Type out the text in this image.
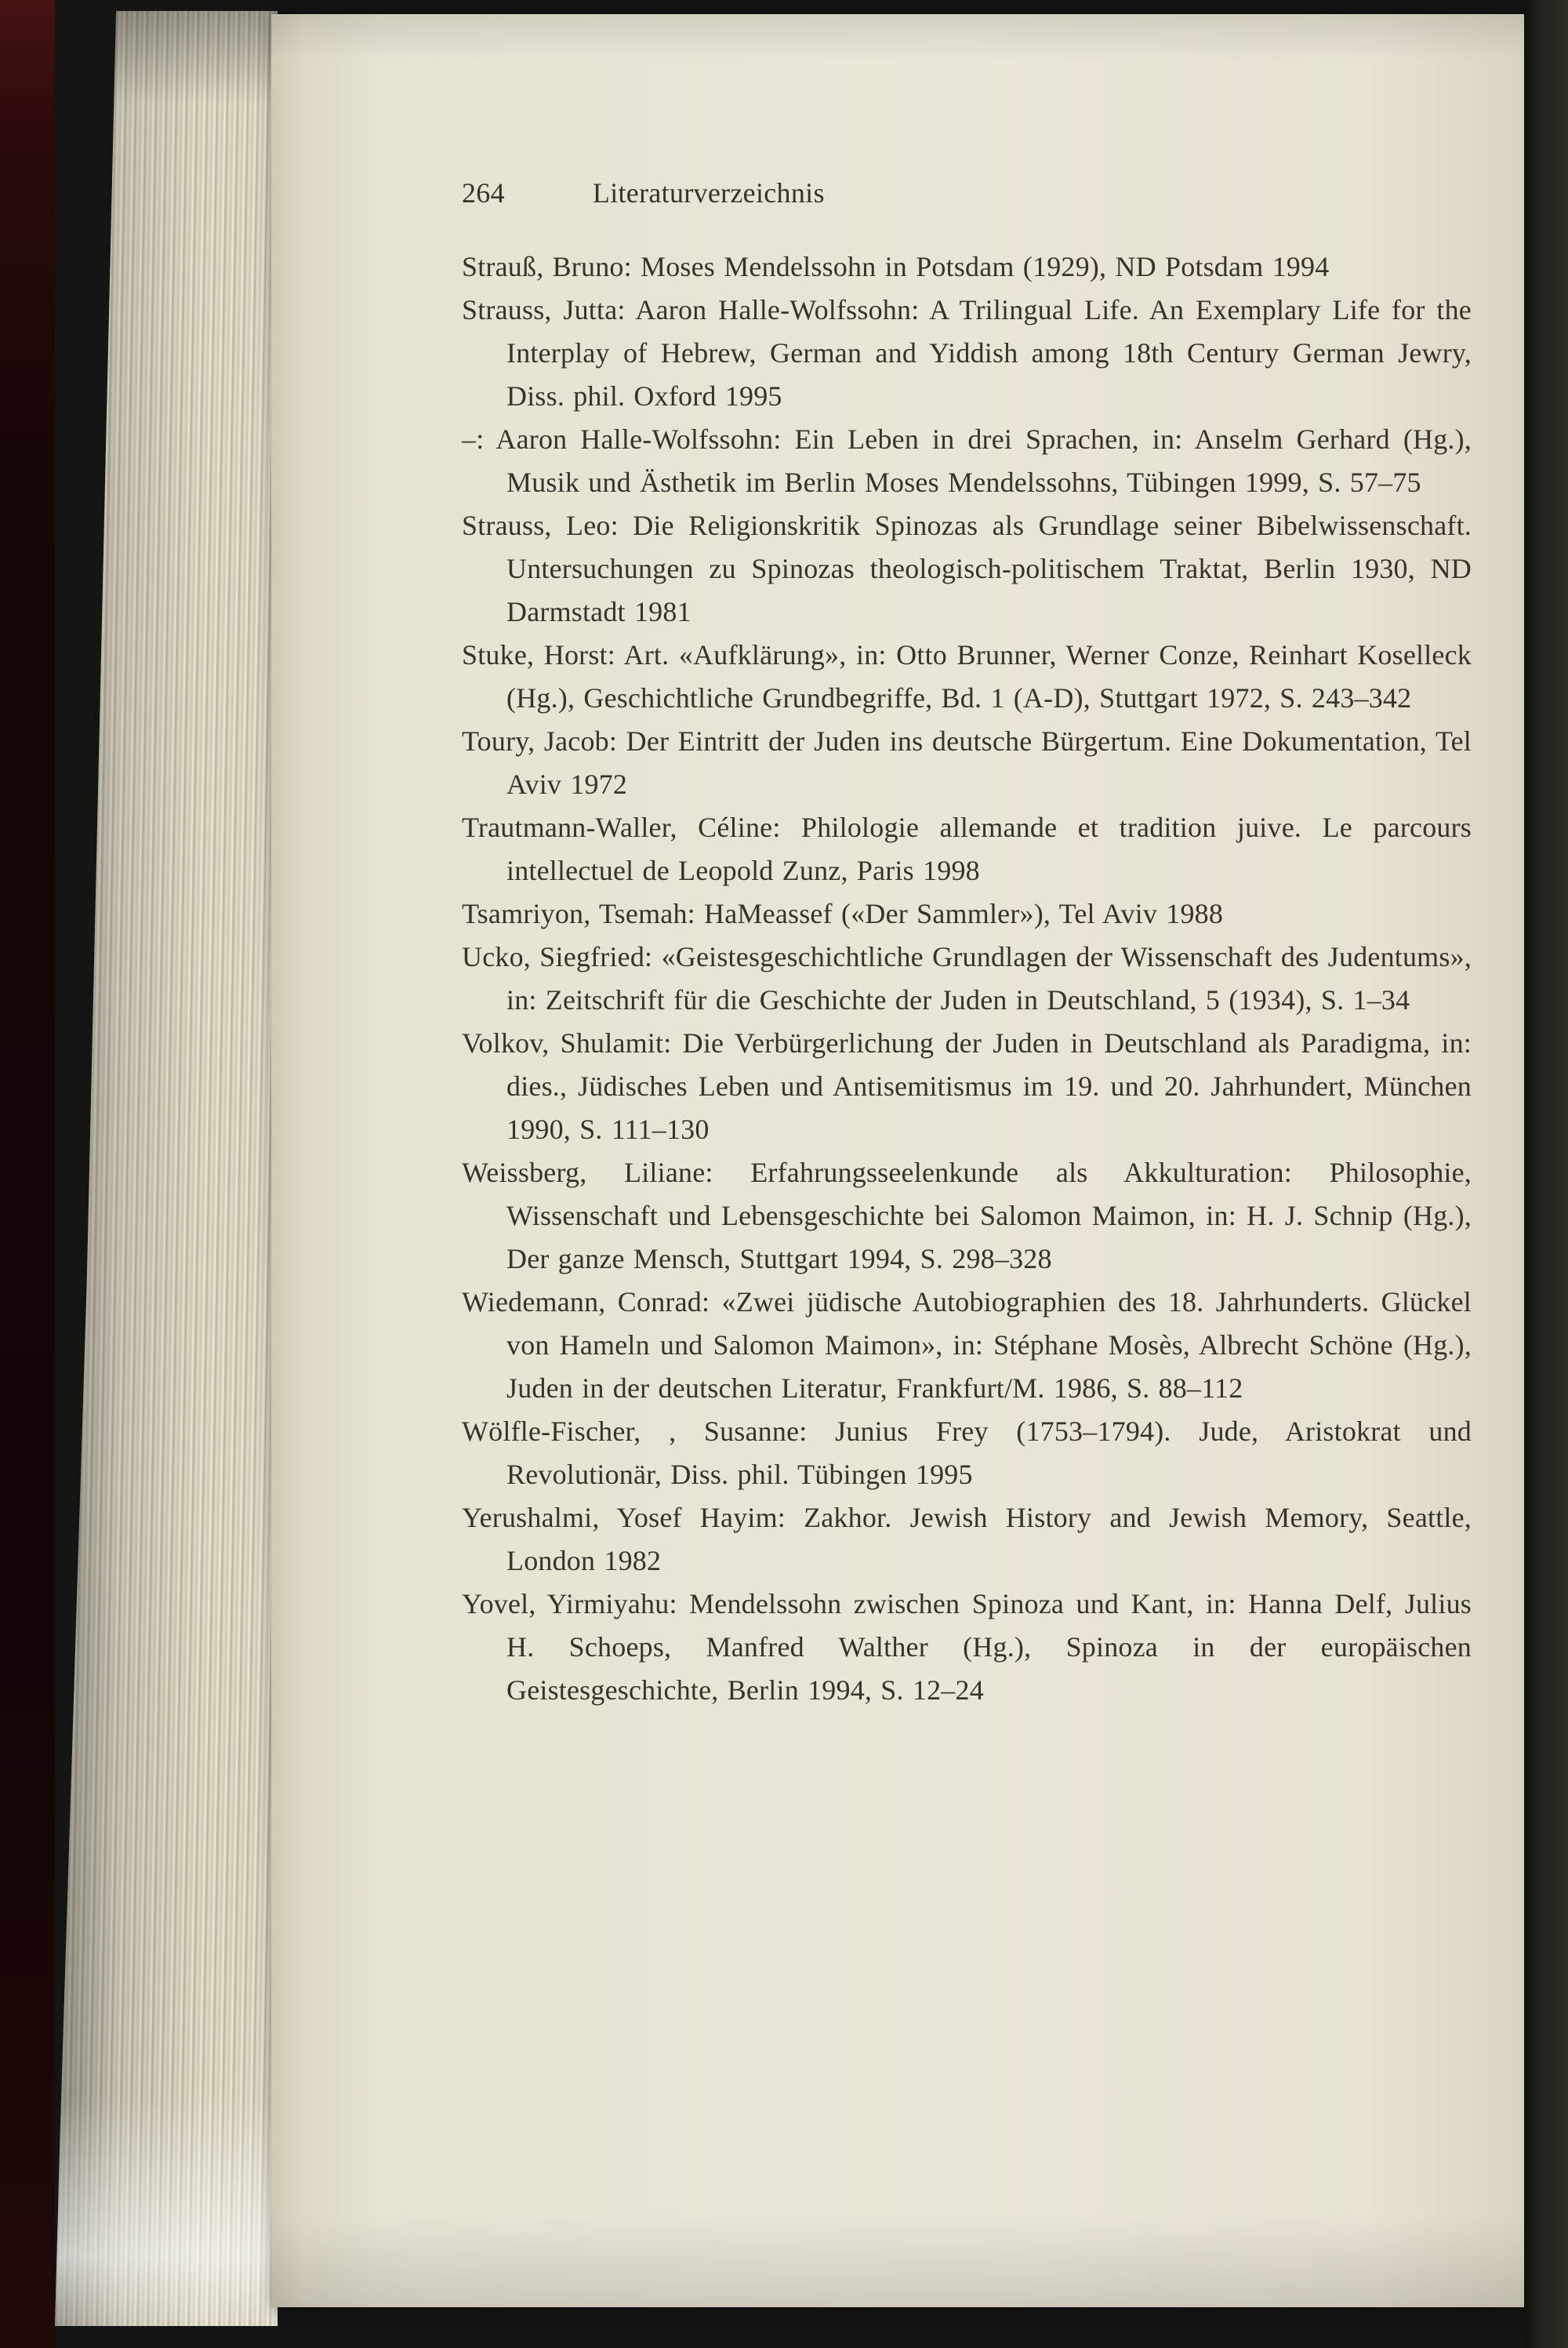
264	Literaturverzeichnis

Strauß, Bruno: Moses Mendelssohn in Potsdam (1929), ND Potsdam 1994

Strauss, Jutta: Aaron Halle-Wolfssohn: A Trilingual Life. An Exemplary Life for the Interplay of Hebrew, German and Yiddish among 18th Century German Jewry, Diss. phil. Oxford 1995

–: Aaron Halle-Wolfssohn: Ein Leben in drei Sprachen, in: Anselm Gerhard (Hg.), Musik und Ästhetik im Berlin Moses Mendelssohns, Tübingen 1999, S. 57–75

Strauss, Leo: Die Religionskritik Spinozas als Grundlage seiner Bibelwissenschaft. Untersuchungen zu Spinozas theologisch-politischem Traktat, Berlin 1930, ND Darmstadt 1981

Stuke, Horst: Art. «Aufklärung», in: Otto Brunner, Werner Conze, Reinhart Koselleck (Hg.), Geschichtliche Grundbegriffe, Bd. 1 (A-D), Stuttgart 1972, S. 243–342

Toury, Jacob: Der Eintritt der Juden ins deutsche Bürgertum. Eine Dokumentation, Tel Aviv 1972

Trautmann-Waller, Céline: Philologie allemande et tradition juive. Le parcours intellectuel de Leopold Zunz, Paris 1998

Tsamriyon, Tsemah: HaMeassef («Der Sammler»), Tel Aviv 1988

Ucko, Siegfried: «Geistesgeschichtliche Grundlagen der Wissenschaft des Judentums», in: Zeitschrift für die Geschichte der Juden in Deutschland, 5 (1934), S. 1–34

Volkov, Shulamit: Die Verbürgerlichung der Juden in Deutschland als Paradigma, in: dies., Jüdisches Leben und Antisemitismus im 19. und 20. Jahrhundert, München 1990, S. 111–130

Weissberg, Liliane: Erfahrungsseelenkunde als Akkulturation: Philosophie, Wissenschaft und Lebensgeschichte bei Salomon Maimon, in: H. J. Schnip (Hg.), Der ganze Mensch, Stuttgart 1994, S. 298–328

Wiedemann, Conrad: «Zwei jüdische Autobiographien des 18. Jahrhunderts. Glückel von Hameln und Salomon Maimon», in: Stéphane Mosès, Albrecht Schöne (Hg.), Juden in der deutschen Literatur, Frankfurt/M. 1986, S. 88–112

Wölfle-Fischer, , Susanne: Junius Frey (1753–1794). Jude, Aristokrat und Revolutionär, Diss. phil. Tübingen 1995

Yerushalmi, Yosef Hayim: Zakhor. Jewish History and Jewish Memory, Seattle, London 1982

Yovel, Yirmiyahu: Mendelssohn zwischen Spinoza und Kant, in: Hanna Delf, Julius H. Schoeps, Manfred Walther (Hg.), Spinoza in der europäischen Geistesgeschichte, Berlin 1994, S. 12–24
